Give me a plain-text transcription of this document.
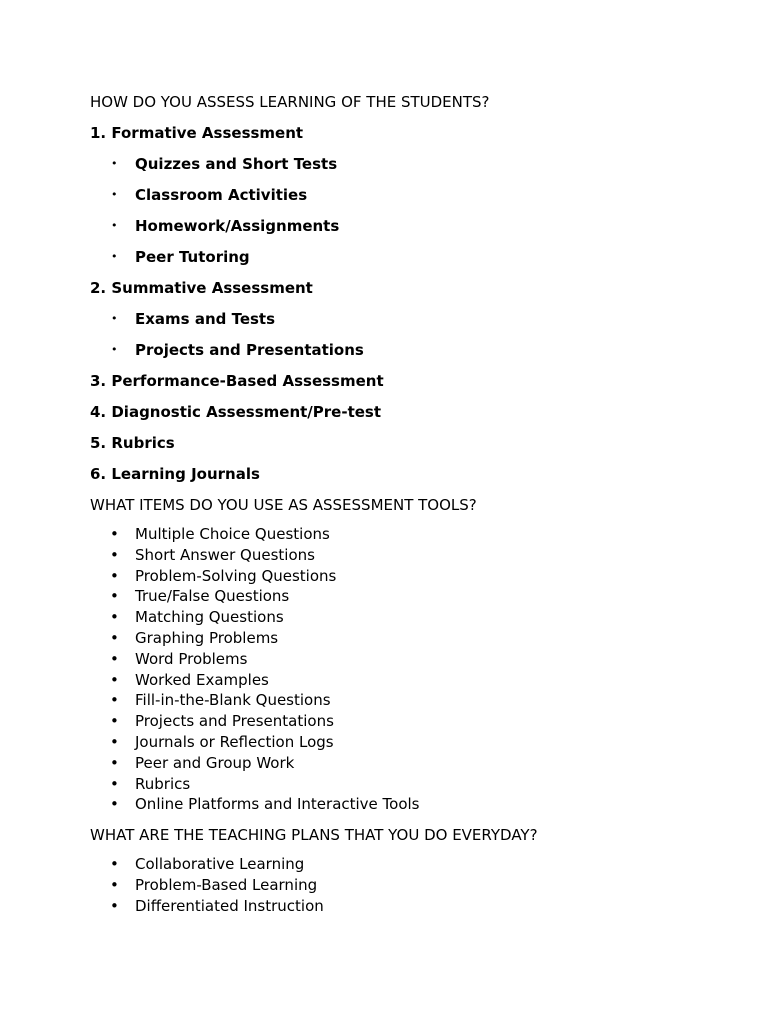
HOW DO YOU ASSESS LEARNING OF THE STUDENTS?

1. Formative Assessment
• Quizzes and Short Tests
• Classroom Activities
• Homework/Assignments
• Peer Tutoring
2. Summative Assessment
• Exams and Tests
• Projects and Presentations
3. Performance-Based Assessment
4. Diagnostic Assessment/Pre-test
5. Rubrics
6. Learning Journals

WHAT ITEMS DO YOU USE AS ASSESSMENT TOOLS?

• Multiple Choice Questions
• Short Answer Questions
• Problem-Solving Questions
• True/False Questions
• Matching Questions
• Graphing Problems
• Word Problems
• Worked Examples
• Fill-in-the-Blank Questions
• Projects and Presentations
• Journals or Reflection Logs
• Peer and Group Work
• Rubrics
• Online Platforms and Interactive Tools

WHAT ARE THE TEACHING PLANS THAT YOU DO EVERYDAY?

• Collaborative Learning
• Problem-Based Learning
• Differentiated Instruction
